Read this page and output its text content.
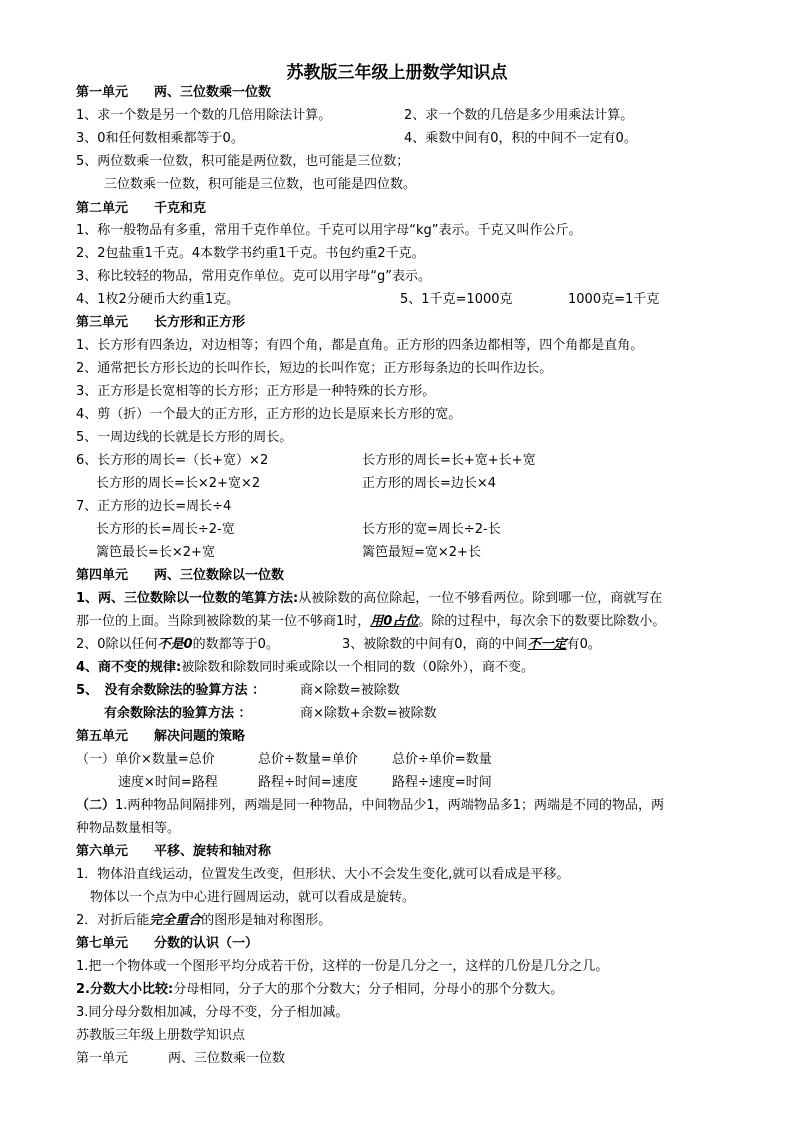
苏教版三年级上册数学知识点
第一单元 两、三位数乘一位数
1、求一个数是另一个数的几倍用除法计算。	2、求一个数的几倍是多少用乘法计算。
3、0和任何数相乘都等于0。	4、乘数中间有0，积的中间不一定有0。
5、两位数乘一位数，积可能是两位数，也可能是三位数；
三位数乘一位数，积可能是三位数，也可能是四位数。
第二单元 千克和克
1、称一般物品有多重，常用千克作单位。千克可以用字母“kg”表示。千克又叫作公斤。
2、2包盐重1千克。4本数学书约重1千克。书包约重2千克。
3、称比较轻的物品，常用克作单位。克可以用字母“g”表示。
4、1枚2分硬币大约重1克。	5、1千克=1000克	1000克=1千克
第三单元 长方形和正方形
1、长方形有四条边，对边相等；有四个角，都是直角。正方形的四条边都相等，四个角都是直角。
2、通常把长方形长边的长叫作长，短边的长叫作宽；正方形每条边的长叫作边长。
3、正方形是长宽相等的长方形；正方形是一种特殊的长方形。
4、剪（折）一个最大的正方形，正方形的边长是原来长方形的宽。
5、一周边线的长就是长方形的周长。
6、长方形的周长=（长+宽）×2	长方形的周长=长+宽+长+宽
长方形的周长=长×2+宽×2	正方形的周长=边长×4
7、正方形的边长=周长÷4
长方形的长=周长÷2-宽	长方形的宽=周长÷2-长
篱笆最长=长×2+宽	篱笆最短=宽×2+长
第四单元 两、三位数除以一位数
1、两、三位数除以一位数的笔算方法:从被除数的高位除起，一位不够看两位。除到哪一位，商就写在
那一位的上面。当除到被除数的某一位不够商1时，用0占位。除的过程中，每次余下的数要比除数小。
2、0除以任何不是0的数都等于0。	3、被除数的中间有0，商的中间不一定有0。
4、商不变的规律:被除数和除数同时乘或除以一个相同的数（0除外），商不变。
5、　没有余数除法的验算方法 ：	商×除数=被除数
有余数除法的验算方法 ：	商×除数+余数=被除数
第五单元 解决问题的策略
（一）单价×数量=总价	总价÷数量=单价	总价÷单价=数量
速度×时间=路程	路程÷时间=速度	路程÷速度=时间
（二）1.两种物品间隔排列，两端是同一种物品，中间物品少1，两端物品多1；两端是不同的物品，两
种物品数量相等。
第六单元 平移、旋转和轴对称
1．物体沿直线运动，位置发生改变，但形状、大小不会发生变化,就可以看成是平移。
物体以一个点为中心进行圆周运动，就可以看成是旋转。
2．对折后能完全重合的图形是轴对称图形。
第七单元 分数的认识（一）
1.把一个物体或一个图形平均分成若干份，这样的一份是几分之一，这样的几份是几分之几。
2.分数大小比较:分母相同，分子大的那个分数大；分子相同，分母小的那个分数大。
3.同分母分数相加减，分母不变，分子相加减。
苏教版三年级上册数学知识点
第一单元	两、三位数乘一位数
